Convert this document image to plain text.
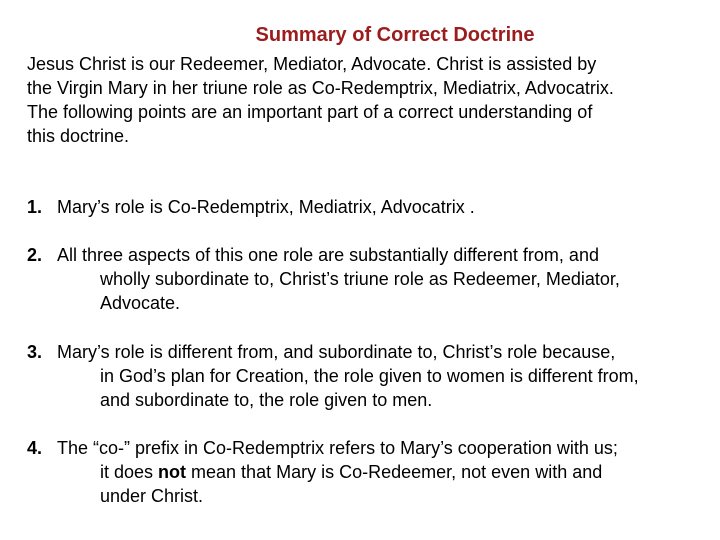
Summary of Correct Doctrine
Jesus Christ is our Redeemer, Mediator, Advocate. Christ is assisted by
the Virgin Mary in her triune role as Co-Redemptrix, Mediatrix, Advocatrix.
The following points are an important part of a correct understanding of
this doctrine.
1. Mary’s role is Co-Redemptrix, Mediatrix, Advocatrix .
2. All three aspects of this one role are substantially different from, and
wholly subordinate to, Christ’s triune role as Redeemer, Mediator,
Advocate.
3. Mary’s role is different from, and subordinate to, Christ’s role because,
in God’s plan for Creation, the role given to women is different from,
and subordinate to, the role given to men.
4. The “co-” prefix in Co-Redemptrix refers to Mary’s cooperation with us;
it does not mean that Mary is Co-Redeemer, not even with and
under Christ.
